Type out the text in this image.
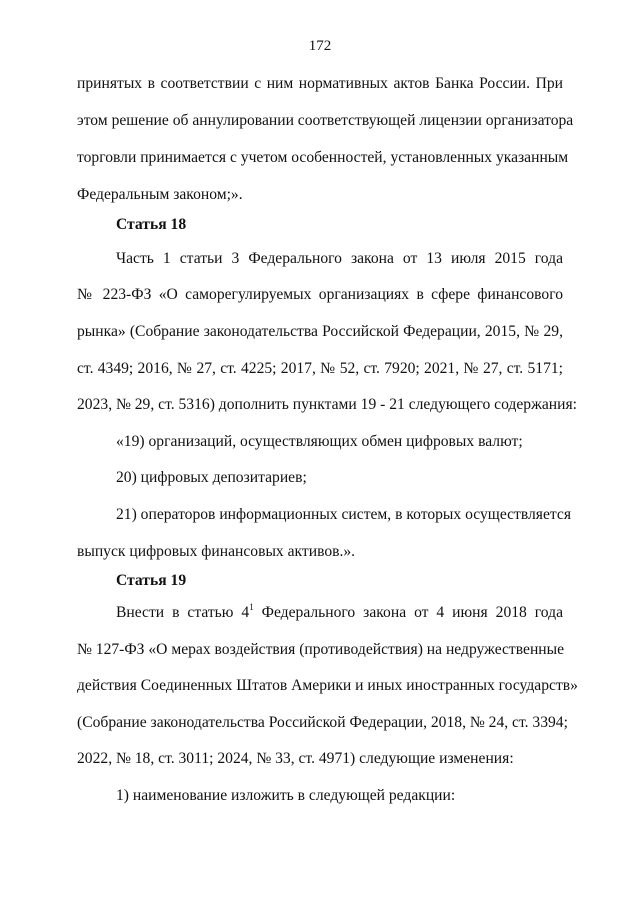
172
принятых в соответствии с ним нормативных актов Банка России. При
этом решение об аннулировании соответствующей лицензии организатора
торговли принимается с учетом особенностей, установленных указанным
Федеральным законом;».
Статья 18
Часть 1 статьи 3 Федерального закона от 13 июля 2015 года
№ 223-ФЗ «О саморегулируемых организациях в сфере финансового
рынка» (Собрание законодательства Российской Федерации, 2015, № 29,
ст. 4349; 2016, № 27, ст. 4225; 2017, № 52, ст. 7920; 2021, № 27, ст. 5171;
2023, № 29, ст. 5316) дополнить пунктами 19 - 21 следующего содержания:
«19) организаций, осуществляющих обмен цифровых валют;
20) цифровых депозитариев;
21) операторов информационных систем, в которых осуществляется
выпуск цифровых финансовых активов.».
Статья 19
Внести в статью $4^1$ Федерального закона от 4 июня 2018 года
№ 127-ФЗ «О мерах воздействия (противодействия) на недружественные
действия Соединенных Штатов Америки и иных иностранных государств»
(Собрание законодательства Российской Федерации, 2018, № 24, ст. 3394;
2022, № 18, ст. 3011; 2024, № 33, ст. 4971) следующие изменения:
1) наименование изложить в следующей редакции:
